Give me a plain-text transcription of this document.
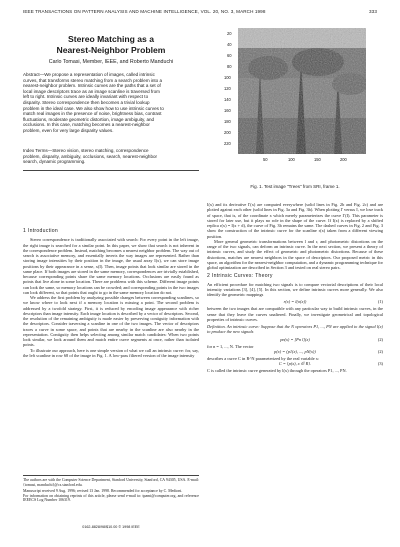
IEEE TRANSACTIONS ON PATTERN ANALYSIS AND MACHINE INTELLIGENCE, VOL. 20, NO. 3, MARCH 1998	333
Stereo Matching as a
Nearest-Neighbor Problem
Carlo Tomasi, Member, IEEE, and Roberto Manduchi
Abstract—We propose a representation of images, called intrinsic
curves, that transforms stereo matching from a search problem into a
nearest-neighbor problem. Intrinsic curves are the paths that a set of
local image descriptors trace as an image scanline is traversed from
left to right. Intrinsic curves are ideally invariant with respect to
disparity. Stereo correspondence then becomes a trivial lookup
problem in the ideal case. We also show how to use intrinsic curves to
match real images in the presence of noise, brightness bias, contrast
fluctuations, moderate geometric distortion, image ambiguity, and
occlusions. In this case, matching becomes a nearest-neighbor
problem, even for very large disparity values.
Index Terms—Stereo vision, stereo matching, correspondence
problem, disparity, ambiguity, occlusions, search, nearest-neighbor
search, dynamic programming.
20
40
60
80
100
120
140
160
180
200
220
50	100	150	200
Fig. 1. Test image "Trees" from SRI, frame 1.
1 Introduction

Stereo correspondence is traditionally associated with search: For every point in the left image, the right image is searched for a similar point. In this paper, we show that search is not inherent in the correspondence problem. Instead, matching becomes a nearest neighbor problem. The way out of search is associative memory, and essentially inverts the way images are represented. Rather than storing image intensities by their position in the image, the usual array I(x), we can store image positions by their appearance in a sense, x(I). Then, image points that look similar are stored in the same place. If both images are stored in the same memory, correspondences are trivially established, because corresponding points share the same memory locations. Occlusions are easily found as points that live alone in some location. There are problems with this scheme. Different image points can look the same, so memory locations can be crowded; and corresponding points in the two images can look different, so that points that ought to go in the same memory location do not.

We address the first problem by analyzing possible changes between corresponding scanlines, so we know where to look next if a memory location is missing a point. The second problem is addressed by a twofold strategy. First, it is reduced by encoding image appearance with richer descriptors than image intensity. Each image location is described by a vector of descriptors. Second, the resolution of the remaining ambiguity is made easier by preserving contiguity information with the descriptors. Consider traversing a scanline in one of the two images. The vector of descriptors traces a curve in some space, and points that are nearby in the scanline are also nearby in the representation. Contiguity then helps selecting among similar match candidates: When two points look similar, we look around them and match entire curve segments at once, rather than isolated points.

To illustrate our approach, here is one simple version of what we call an intrinsic curve: for, say, the left scanline in row 68 of the image in Fig. 1. A low-pass filtered version of the image intensity

The authors are with the Computer Science Department, Stanford University, Stanford, CA 94305, USA. E-mail: {tomasi, manduchi}@cs.stanford.edu.
Manuscript received 9 Aug. 1996; revised 13 Jan. 1998. Recommended for acceptance by C. Medioni.
For information on obtaining reprints of this article, please send e-mail to: tpami@computer.org, and reference IEEECS Log Number 106319.
0162-8828/98/$10.00 © 1998 IEEE

I(x) and its derivative I'(x) are computed everywhere (solid lines in Fig. 2b and Fig. 2c) and are plotted against each other (solid lines in Fig. 3a and Fig. 3b). When plotting I' versus I, we lose track of space, that is, of the coordinate x which merely parameterizes the curve Γ(I). This parameter is stored for later use, but it plays no role in the shape of the curve. If I(x) is replaced by a shifted replica r(x) = I(x + d), the curve of Fig. 3b remains the same. The dashed curves in Fig. 2 and Fig. 3 show the construction of the intrinsic curve for the scanline r(x) taken from a different viewing position.

More general geometric transformations between l and r, and photometric distortions on the range of the two signals, can deform an intrinsic curve. In the next section, we present a theory of intrinsic curves, and study the effect of geometric and photometric distortions. Because of these distortions, matches are nearest neighbors in the space of descriptors. Our proposed metric in this space, an algorithm for the nearest-neighbor computation, and a dynamic programming technique for global optimization are described in Section 3 and tested on real stereo pairs.

2 Intrinsic Curves: Theory

An efficient procedure for matching two signals is to compare vectorial descriptions of their local intensity variations [3], [4], [5]. In this section, we define intrinsic curves more generally. We also identify the geometric mappings

r(x) = l(σ(x))	(1)

between the two images that are compatible with any particular way to build intrinsic curves, in the sense that they leave the curves unaltered. Finally, we investigate geometrical and topological properties of intrinsic curves.

Definition. An intrinsic curve: Suppose that the N operators P1, ..., PN are applied to the signal l(x) to produce the new signals

pn(x) = [Pn l](x)	(2)

for n = 1, ..., N. The vector

p(x) = (p1(x), ..., pN(x))	(2)

describes a curve C in R^N parameterized by the real variable x:

C = {p(x), x ∈ R}.	(3)

C is called the intrinsic curve generated by l(x) through the operators P1, ..., PN.
